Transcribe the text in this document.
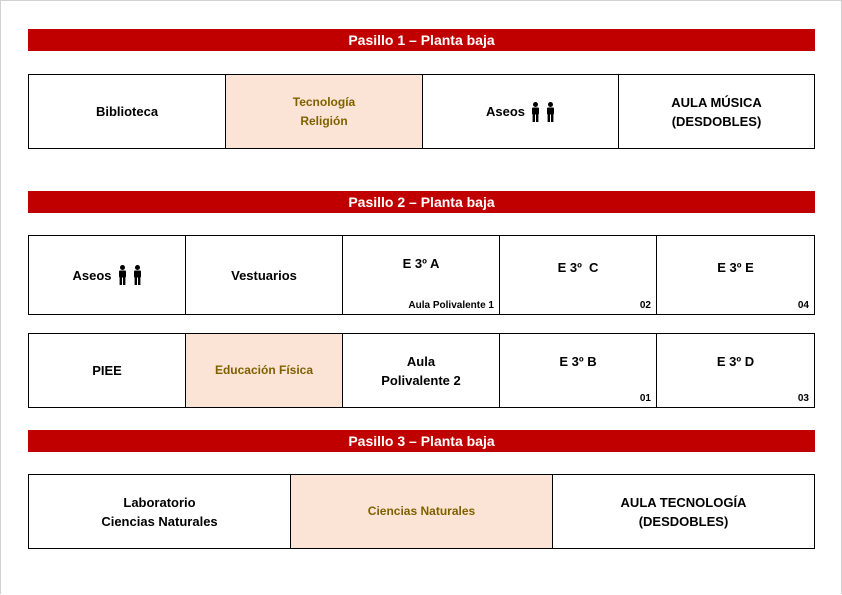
Pasillo 1 – Planta baja
Biblioteca
Tecnología
Religión
Aseos
AULA MÚSICA
(DESDOBLES)
Pasillo 2 – Planta baja
Aseos	Vestuarios
E 3º A
Aula Polivalente 1
E 3º  C
02
E 3º E
04
PIEE	Educación Física
Aula
Polivalente 2
E 3º B
01
E 3º D
03
Pasillo 3 – Planta baja
Laboratorio
Ciencias Naturales
Ciencias Naturales
AULA TECNOLOGÍA
(DESDOBLES)
